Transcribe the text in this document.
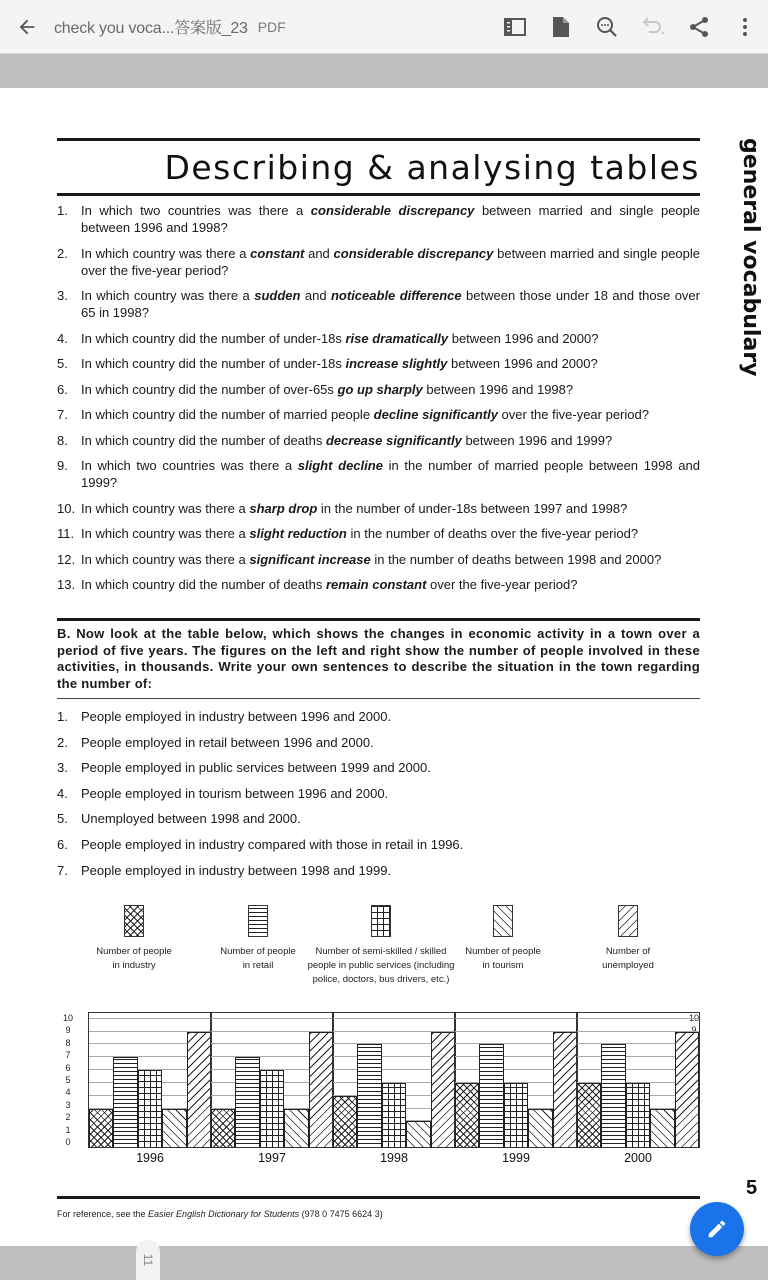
check you voca...答案版_23 PDF
Describing & analysing tables general vocabulary
1.	In which two countries was there a considerable discrepancy between married and single people between 1996 and 1998?
2.	In which country was there a constant and considerable discrepancy between married and single people over the five-year period?
3.	In which country was there a sudden and noticeable difference between those under 18 and those over 65 in 1998?
4.	In which country did the number of under-18s rise dramatically between 1996 and 2000?
5.	In which country did the number of under-18s increase slightly between 1996 and 2000?
6.	In which country did the number of over-65s go up sharply between 1996 and 1998?
7.	In which country did the number of married people decline significantly over the five-year period?
8.	In which country did the number of deaths decrease significantly between 1996 and 1999?
9.	In which two countries was there a slight decline in the number of married people between 1998 and 1999?
10. In which country was there a sharp drop in the number of under-18s between 1997 and 1998?
11. In which country was there a slight reduction in the number of deaths over the five-year period?
12. In which country was there a significant increase in the number of deaths between 1998 and 2000?
13. In which country did the number of deaths remain constant over the five-year period?

B. Now look at the table below, which shows the changes in economic activity in a town over a period of five years. The figures on the left and right show the number of people involved in these activities, in thousands. Write your own sentences to describe the situation in the town regarding the number of:

1.	People employed in industry between 1996 and 2000.
2.	People employed in retail between 1996 and 2000.
3.	People employed in public services between 1999 and 2000.
4.	People employed in tourism between 1996 and 2000.
5.	Unemployed between 1998 and 2000.
6.	People employed in industry compared with those in retail in 1996.
7.	People employed in industry between 1998 and 1999.
Number of people
in industry
Number of people
in retail
Number of semi-skilled / skilled
people in public services (including
police, doctors, bus drivers, etc.)
Number of people
in tourism
Number of
unemployed
10
9
8
7
6
5
4
3
2
1
0
1996	1997	1998	1999	2000
5
For reference, see the Easier English Dictionary for Students (978 0 7475 6624 3)
11
